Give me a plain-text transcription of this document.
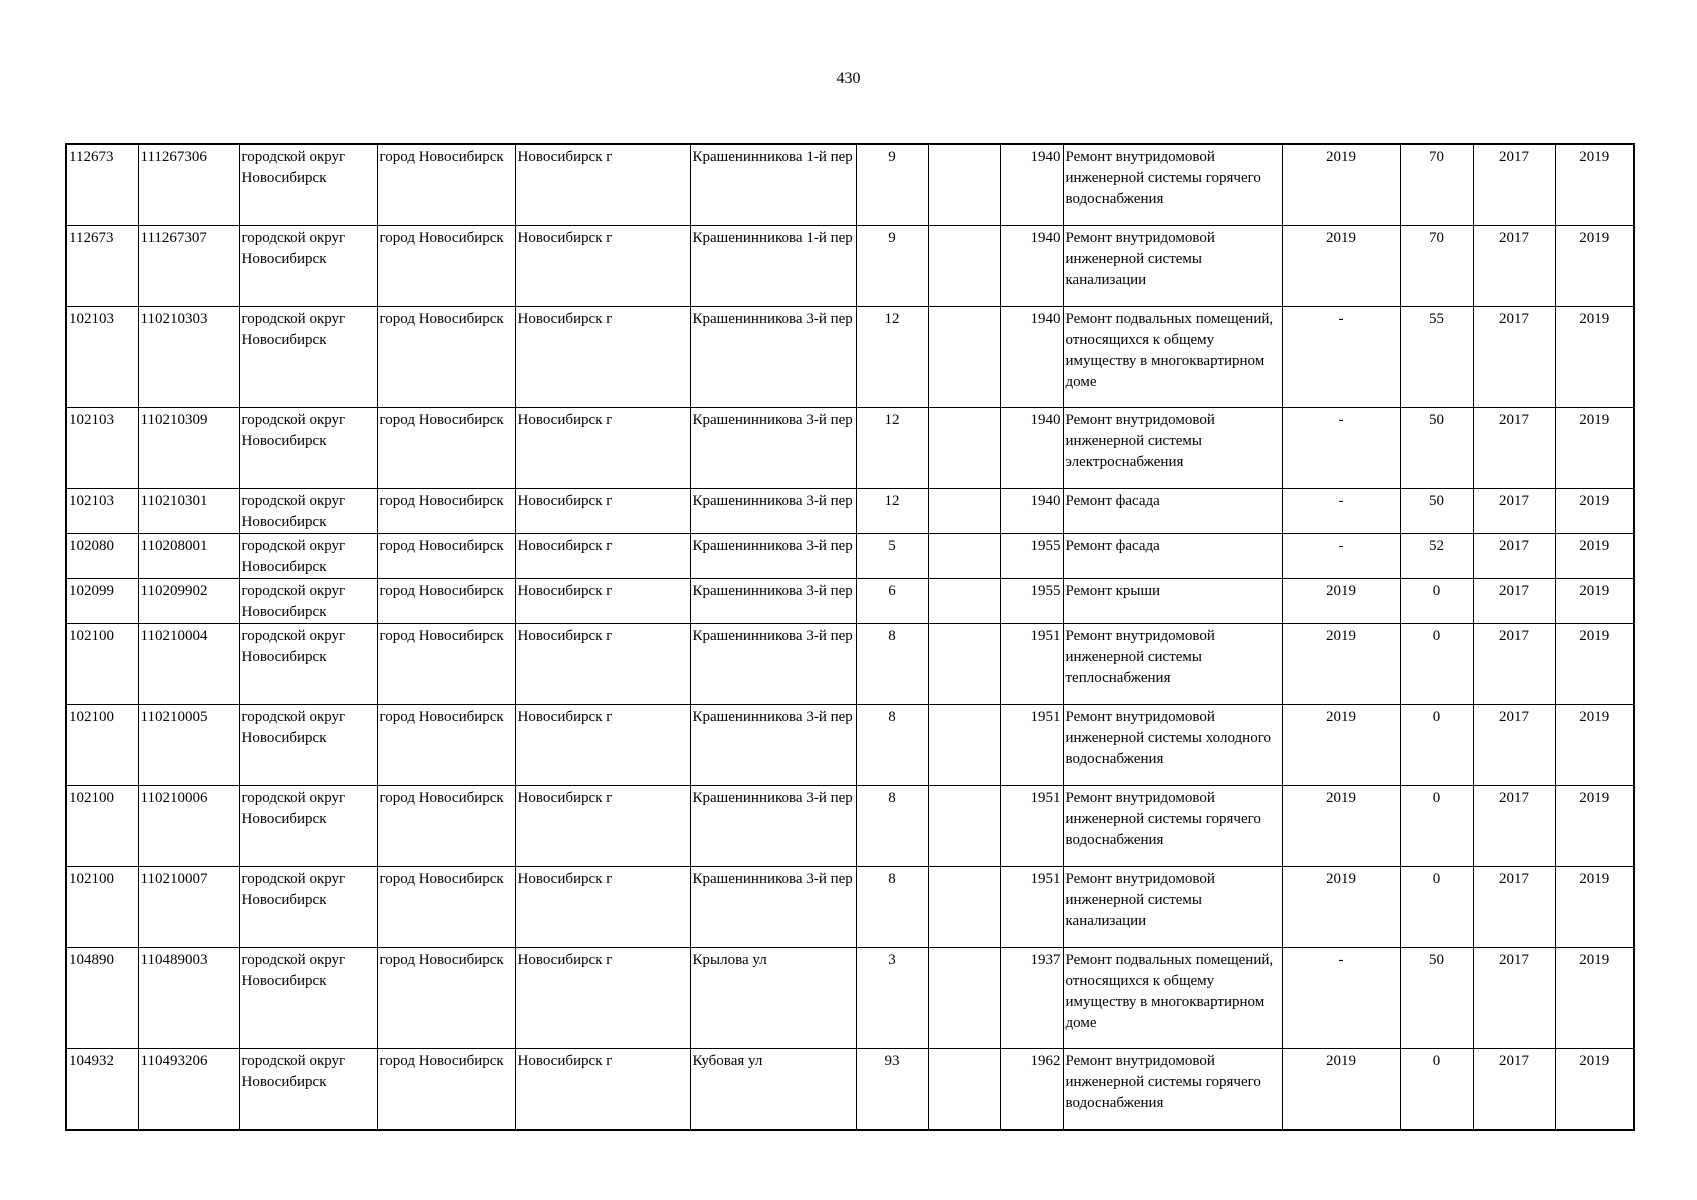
430
112673	111267306	городской округ Новосибирск	город Новосибирск	Новосибирск г	Крашенинникова 1-й пер	9		1940	Ремонт внутридомовой инженерной системы горячего водоснабжения	2019	70	2017	2019
112673	111267307	городской округ Новосибирск	город Новосибирск	Новосибирск г	Крашенинникова 1-й пер	9		1940	Ремонт внутридомовой инженерной системы канализации	2019	70	2017	2019
102103	110210303	городской округ Новосибирск	город Новосибирск	Новосибирск г	Крашенинникова 3-й пер	12		1940	Ремонт подвальных помещений, относящихся к общему имуществу в многоквартирном доме	-	55	2017	2019
102103	110210309	городской округ Новосибирск	город Новосибирск	Новосибирск г	Крашенинникова 3-й пер	12		1940	Ремонт внутридомовой инженерной системы электроснабжения	-	50	2017	2019
102103	110210301	городской округ Новосибирск	город Новосибирск	Новосибирск г	Крашенинникова 3-й пер	12		1940	Ремонт фасада	-	50	2017	2019
102080	110208001	городской округ Новосибирск	город Новосибирск	Новосибирск г	Крашенинникова 3-й пер	5		1955	Ремонт фасада	-	52	2017	2019
102099	110209902	городской округ Новосибирск	город Новосибирск	Новосибирск г	Крашенинникова 3-й пер	6		1955	Ремонт крыши	2019	0	2017	2019
102100	110210004	городской округ Новосибирск	город Новосибирск	Новосибирск г	Крашенинникова 3-й пер	8		1951	Ремонт внутридомовой инженерной системы теплоснабжения	2019	0	2017	2019
102100	110210005	городской округ Новосибирск	город Новосибирск	Новосибирск г	Крашенинникова 3-й пер	8		1951	Ремонт внутридомовой инженерной системы холодного водоснабжения	2019	0	2017	2019
102100	110210006	городской округ Новосибирск	город Новосибирск	Новосибирск г	Крашенинникова 3-й пер	8		1951	Ремонт внутридомовой инженерной системы горячего водоснабжения	2019	0	2017	2019
102100	110210007	городской округ Новосибирск	город Новосибирск	Новосибирск г	Крашенинникова 3-й пер	8		1951	Ремонт внутридомовой инженерной системы канализации	2019	0	2017	2019
104890	110489003	городской округ Новосибирск	город Новосибирск	Новосибирск г	Крылова ул	3		1937	Ремонт подвальных помещений, относящихся к общему имуществу в многоквартирном доме	-	50	2017	2019
104932	110493206	городской округ Новосибирск	город Новосибирск	Новосибирск г	Кубовая ул	93		1962	Ремонт внутридомовой инженерной системы горячего водоснабжения	2019	0	2017	2019
